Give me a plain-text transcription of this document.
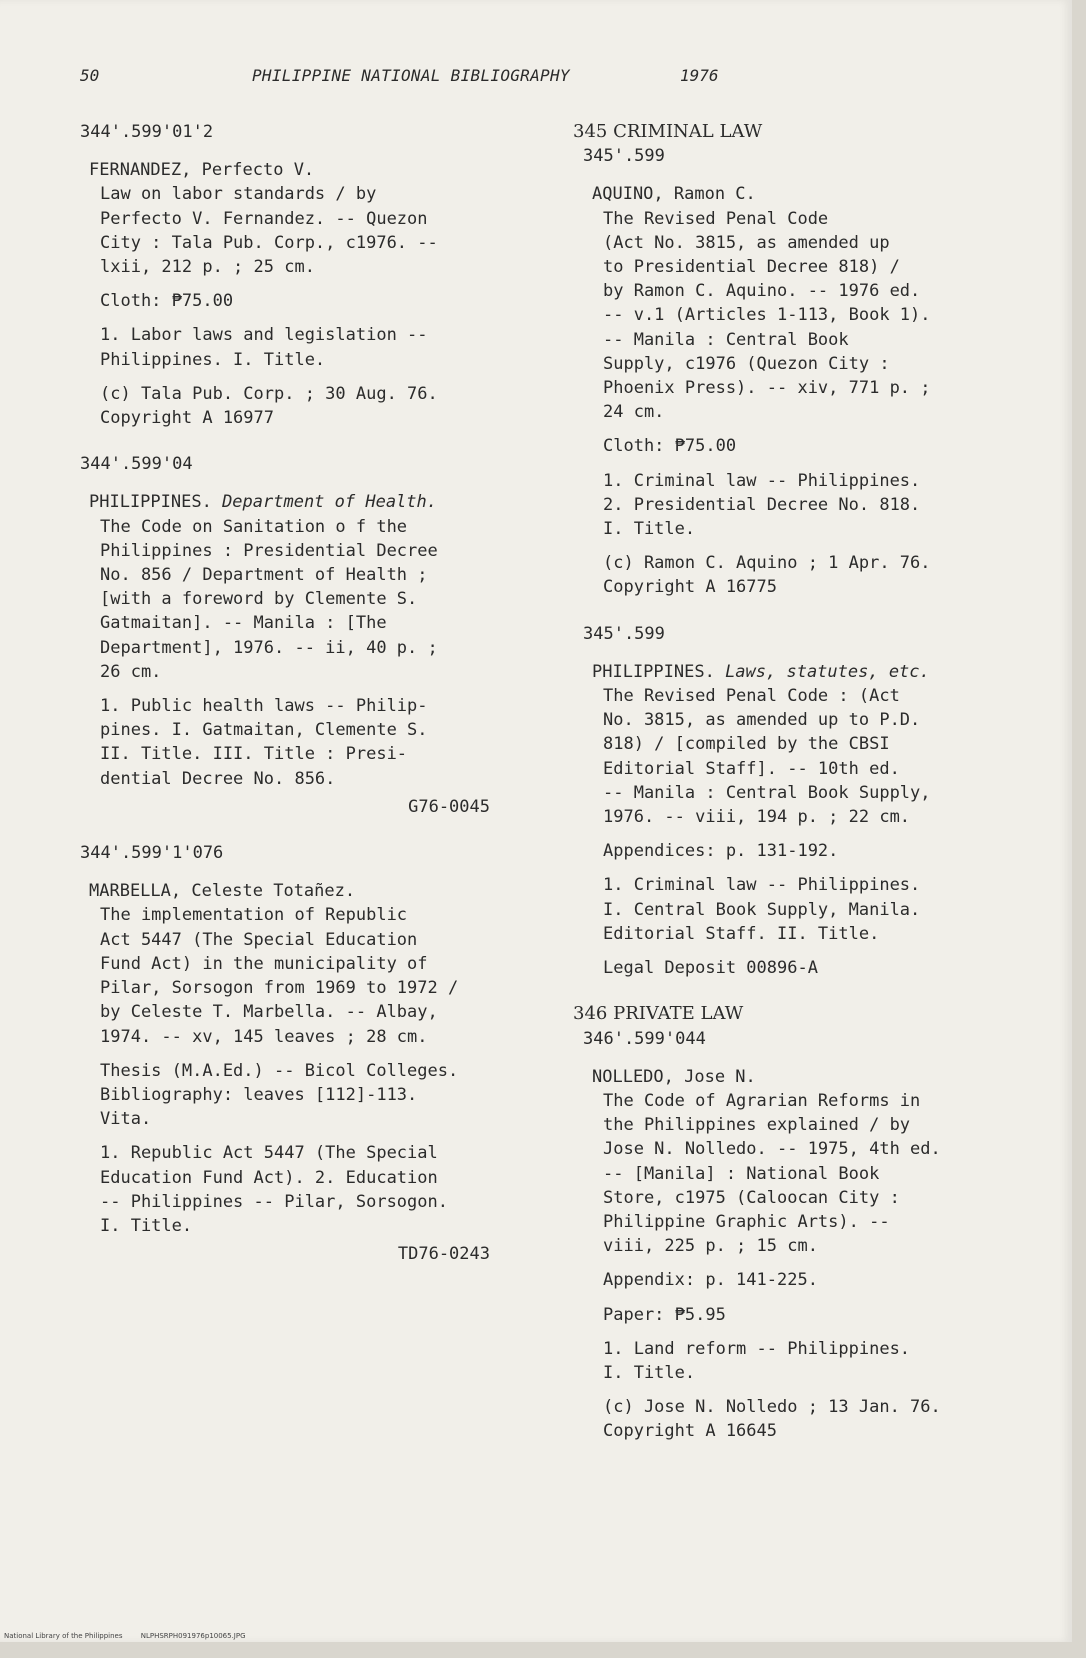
50	PHILIPPINE NATIONAL BIBLIOGRAPHY	1976
344'.599'01'2
FERNANDEZ, Perfecto V.
Law on labor standards / by
Perfecto V. Fernandez. -- Quezon
City : Tala Pub. Corp., c1976. --
lxii, 212 p. ; 25 cm.
Cloth: ₱75.00
1. Labor laws and legislation --
Philippines. I. Title.
(c) Tala Pub. Corp. ; 30 Aug. 76.
Copyright A 16977
344'.599'04
PHILIPPINES. Department of Health.
The Code on Sanitation o f the
Philippines : Presidential Decree
No. 856 / Department of Health ;
[with a foreword by Clemente S.
Gatmaitan]. -- Manila : [The
Department], 1976. -- ii, 40 p. ;
26 cm.
1. Public health laws -- Philip-
pines. I. Gatmaitan, Clemente S.
II. Title. III. Title : Presi-
dential Decree No. 856.
G76-0045
344'.599'1'076
MARBELLA, Celeste Totañez.
The implementation of Republic
Act 5447 (The Special Education
Fund Act) in the municipality of
Pilar, Sorsogon from 1969 to 1972 /
by Celeste T. Marbella. -- Albay,
1974. -- xv, 145 leaves ; 28 cm.
Thesis (M.A.Ed.) -- Bicol Colleges.
Bibliography: leaves [112]-113.
Vita.
1. Republic Act 5447 (The Special
Education Fund Act). 2. Education
-- Philippines -- Pilar, Sorsogon.
I. Title.
TD76-0243
345 CRIMINAL LAW
345'.599
AQUINO, Ramon C.
The Revised Penal Code
(Act No. 3815, as amended up
to Presidential Decree 818) /
by Ramon C. Aquino. -- 1976 ed.
-- v.1 (Articles 1-113, Book 1).
-- Manila : Central Book
Supply, c1976 (Quezon City :
Phoenix Press). -- xiv, 771 p. ;
24 cm.
Cloth: ₱75.00
1. Criminal law -- Philippines.
2. Presidential Decree No. 818.
I. Title.
(c) Ramon C. Aquino ; 1 Apr. 76.
Copyright A 16775
345'.599
PHILIPPINES. Laws, statutes, etc.
The Revised Penal Code : (Act
No. 3815, as amended up to P.D.
818) / [compiled by the CBSI
Editorial Staff]. -- 10th ed.
-- Manila : Central Book Supply,
1976. -- viii, 194 p. ; 22 cm.
Appendices: p. 131-192.
1. Criminal law -- Philippines.
I. Central Book Supply, Manila.
Editorial Staff. II. Title.
Legal Deposit 00896-A
346 PRIVATE LAW
346'.599'044
NOLLEDO, Jose N.
The Code of Agrarian Reforms in
the Philippines explained / by
Jose N. Nolledo. -- 1975, 4th ed.
-- [Manila] : National Book
Store, c1975 (Caloocan City :
Philippine Graphic Arts). --
viii, 225 p. ; 15 cm.
Appendix: p. 141-225.
Paper: ₱5.95
1. Land reform -- Philippines.
I. Title.
(c) Jose N. Nolledo ; 13 Jan. 76.
Copyright A 16645
National Library of the Philippines	NLPHSRPH091976p10065.JPG
